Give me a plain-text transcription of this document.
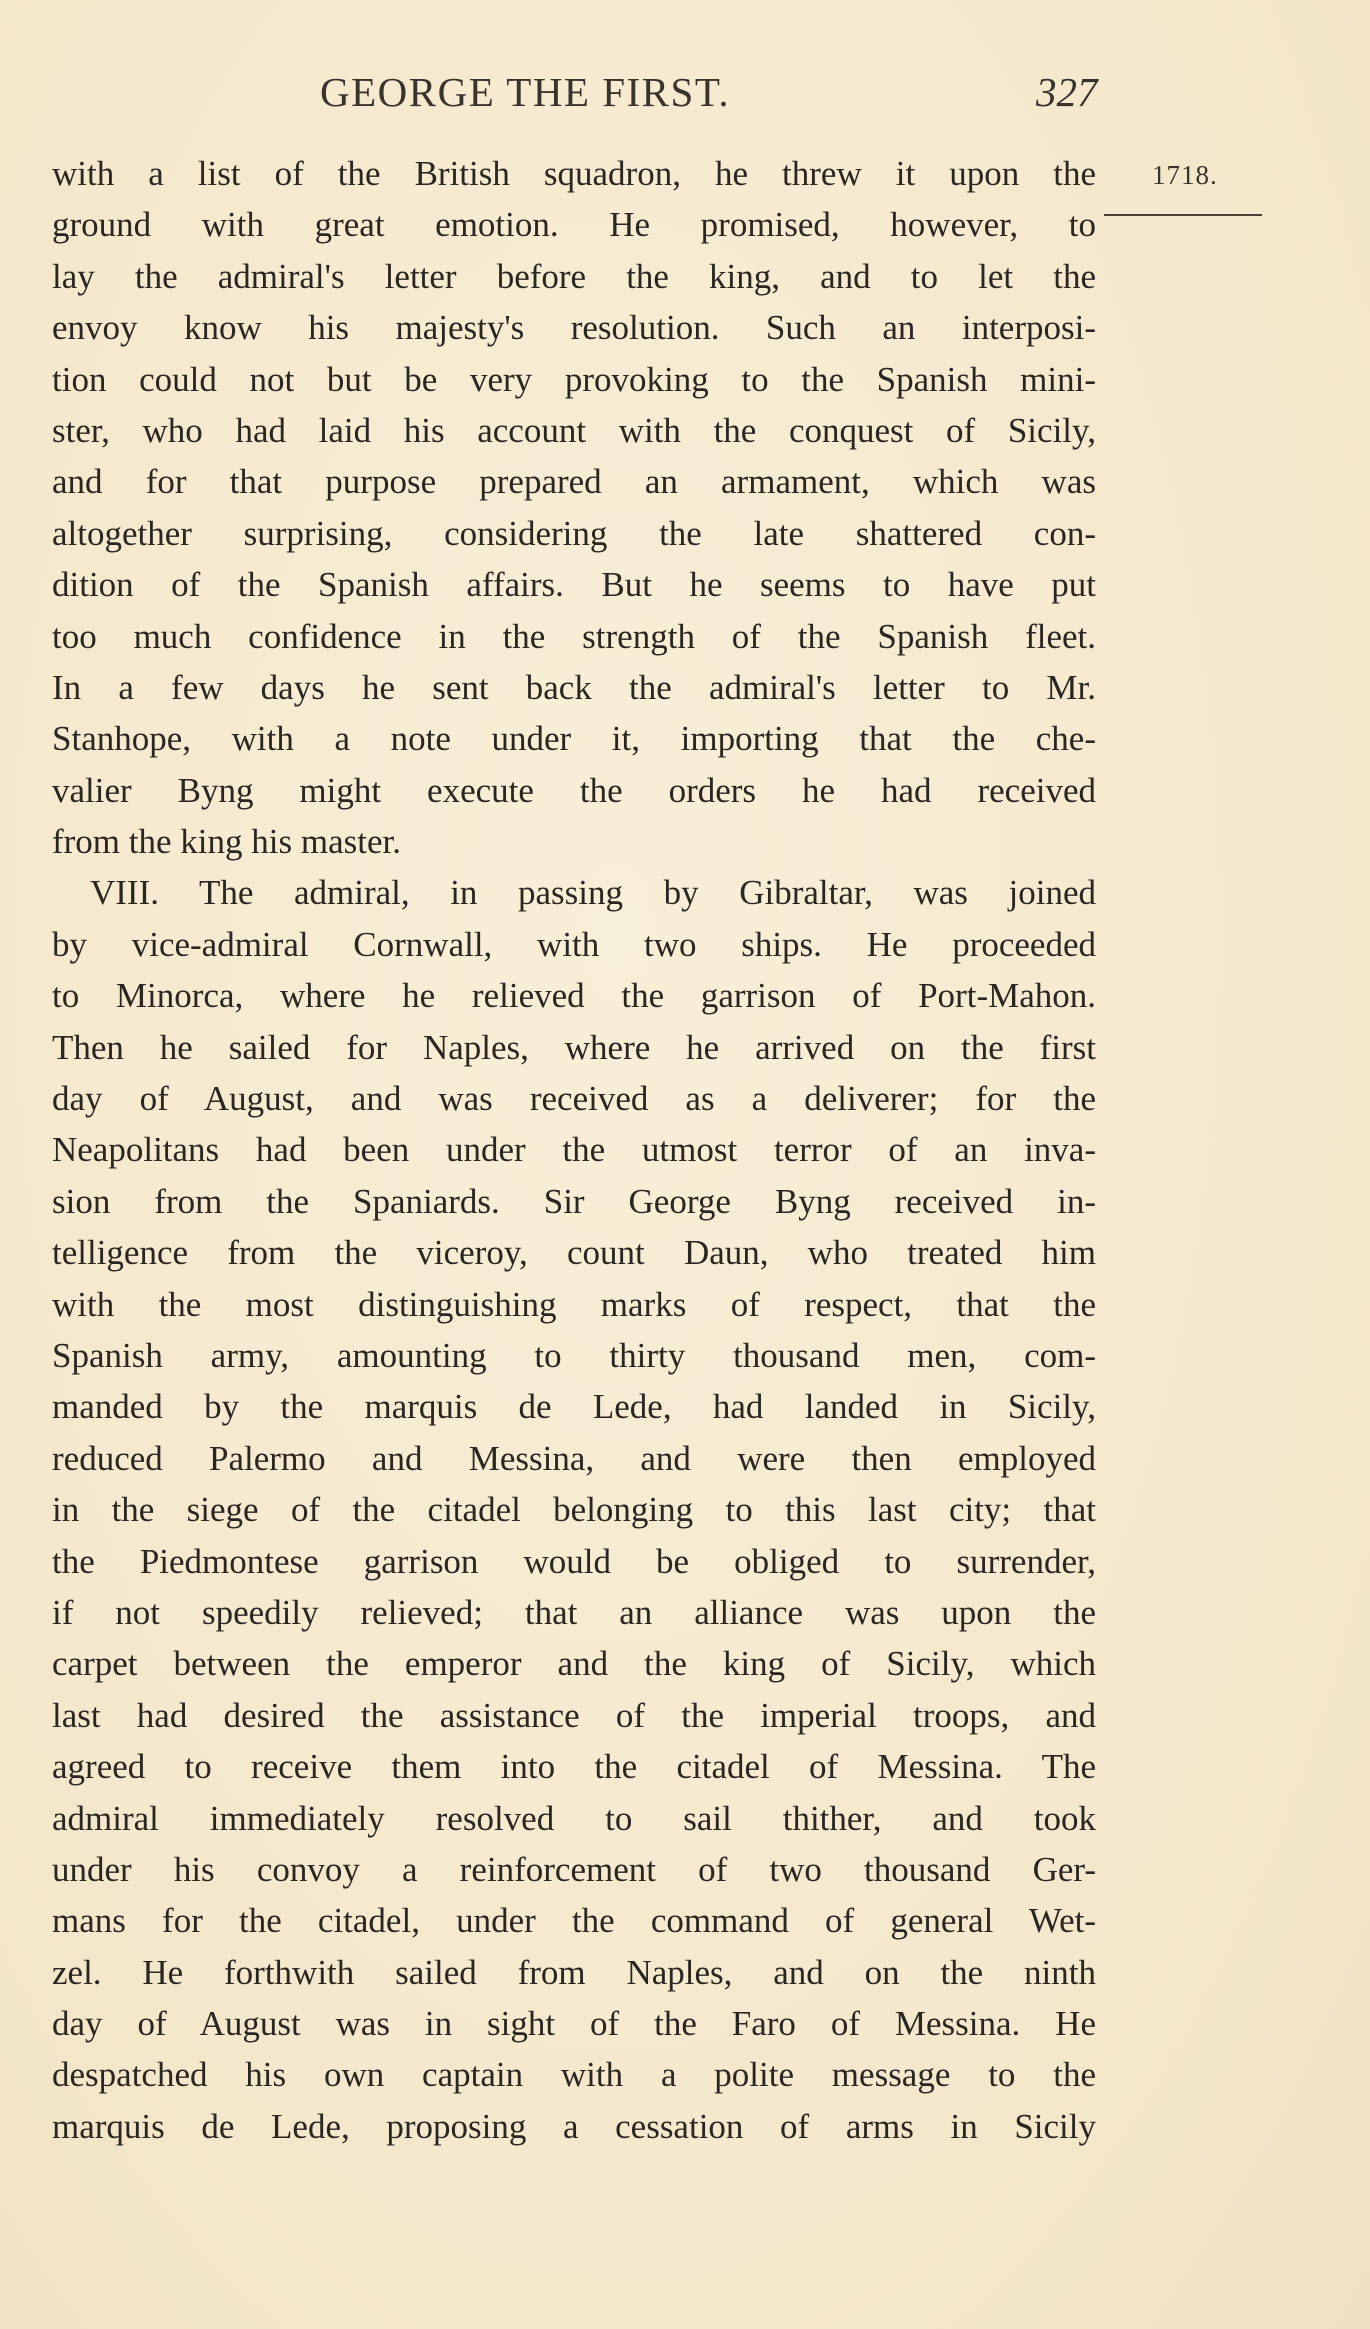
GEORGE THE FIRST.	327
1718.
with a list of the British squadron, he threw it upon the
ground with great emotion. He promised, however, to
lay the admiral's letter before the king, and to let the
envoy know his majesty's resolution. Such an interposi-
tion could not but be very provoking to the Spanish mini-
ster, who had laid his account with the conquest of Sicily,
and for that purpose prepared an armament, which was
altogether surprising, considering the late shattered con-
dition of the Spanish affairs. But he seems to have put
too much confidence in the strength of the Spanish fleet.
In a few days he sent back the admiral's letter to Mr.
Stanhope, with a note under it, importing that the che-
valier Byng might execute the orders he had received
from the king his master.
VIII. The admiral, in passing by Gibraltar, was joined
by vice-admiral Cornwall, with two ships. He proceeded
to Minorca, where he relieved the garrison of Port-Mahon.
Then he sailed for Naples, where he arrived on the first
day of August, and was received as a deliverer; for the
Neapolitans had been under the utmost terror of an inva-
sion from the Spaniards. Sir George Byng received in-
telligence from the viceroy, count Daun, who treated him
with the most distinguishing marks of respect, that the
Spanish army, amounting to thirty thousand men, com-
manded by the marquis de Lede, had landed in Sicily,
reduced Palermo and Messina, and were then employed
in the siege of the citadel belonging to this last city; that
the Piedmontese garrison would be obliged to surrender,
if not speedily relieved; that an alliance was upon the
carpet between the emperor and the king of Sicily, which
last had desired the assistance of the imperial troops, and
agreed to receive them into the citadel of Messina. The
admiral immediately resolved to sail thither, and took
under his convoy a reinforcement of two thousand Ger-
mans for the citadel, under the command of general Wet-
zel. He forthwith sailed from Naples, and on the ninth
day of August was in sight of the Faro of Messina. He
despatched his own captain with a polite message to the
marquis de Lede, proposing a cessation of arms in Sicily
